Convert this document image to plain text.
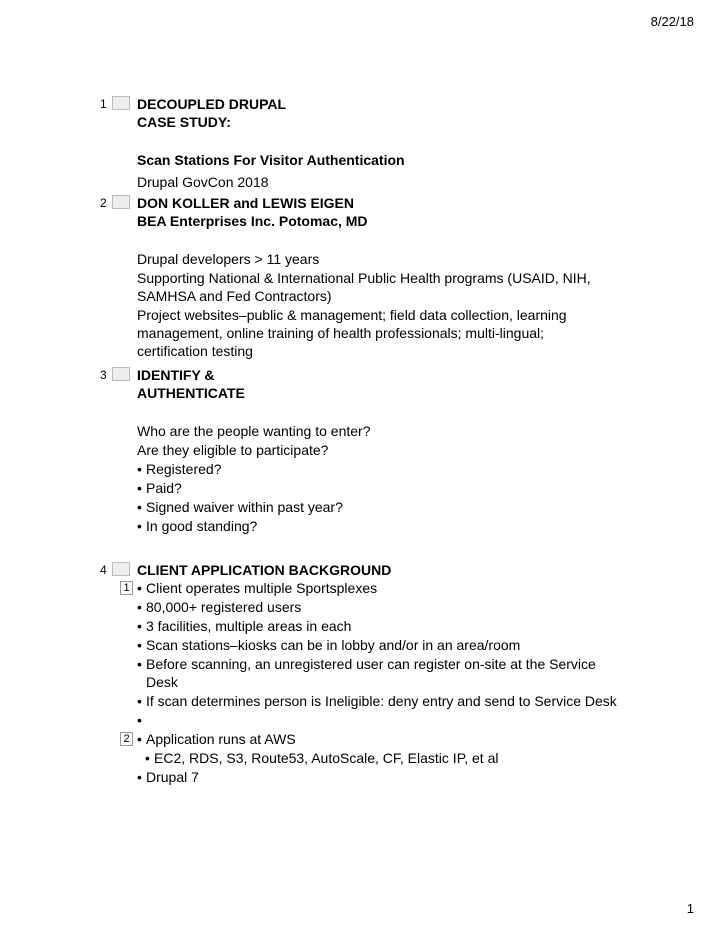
8/22/18
1 DECOUPLED DRUPAL
CASE STUDY:
Scan Stations For Visitor Authentication
Drupal GovCon 2018
2 DON KOLLER and LEWIS EIGEN
BEA Enterprises Inc. Potomac, MD
Drupal developers > 11 years
Supporting National & International Public Health programs (USAID, NIH, SAMHSA and Fed Contractors)
Project websites–public & management; field data collection, learning management, online training of health professionals; multi-lingual; certification testing
3 IDENTIFY &
AUTHENTICATE
Who are the people wanting to enter?
Are they eligible to participate?
• Registered?
• Paid?
• Signed waiver within past year?
• In good standing?
4 CLIENT APPLICATION BACKGROUND
• 1 Client operates multiple Sportsplexes
• 80,000+ registered users
• 3 facilities, multiple areas in each
• Scan stations–kiosks can be in lobby and/or in an area/room
• Before scanning, an unregistered user can register on-site at the Service Desk
• If scan determines person is Ineligible: deny entry and send to Service Desk
•
• 2 Application runs at AWS
• EC2, RDS, S3, Route53, AutoScale, CF, Elastic IP, et al
• Drupal 7
1
